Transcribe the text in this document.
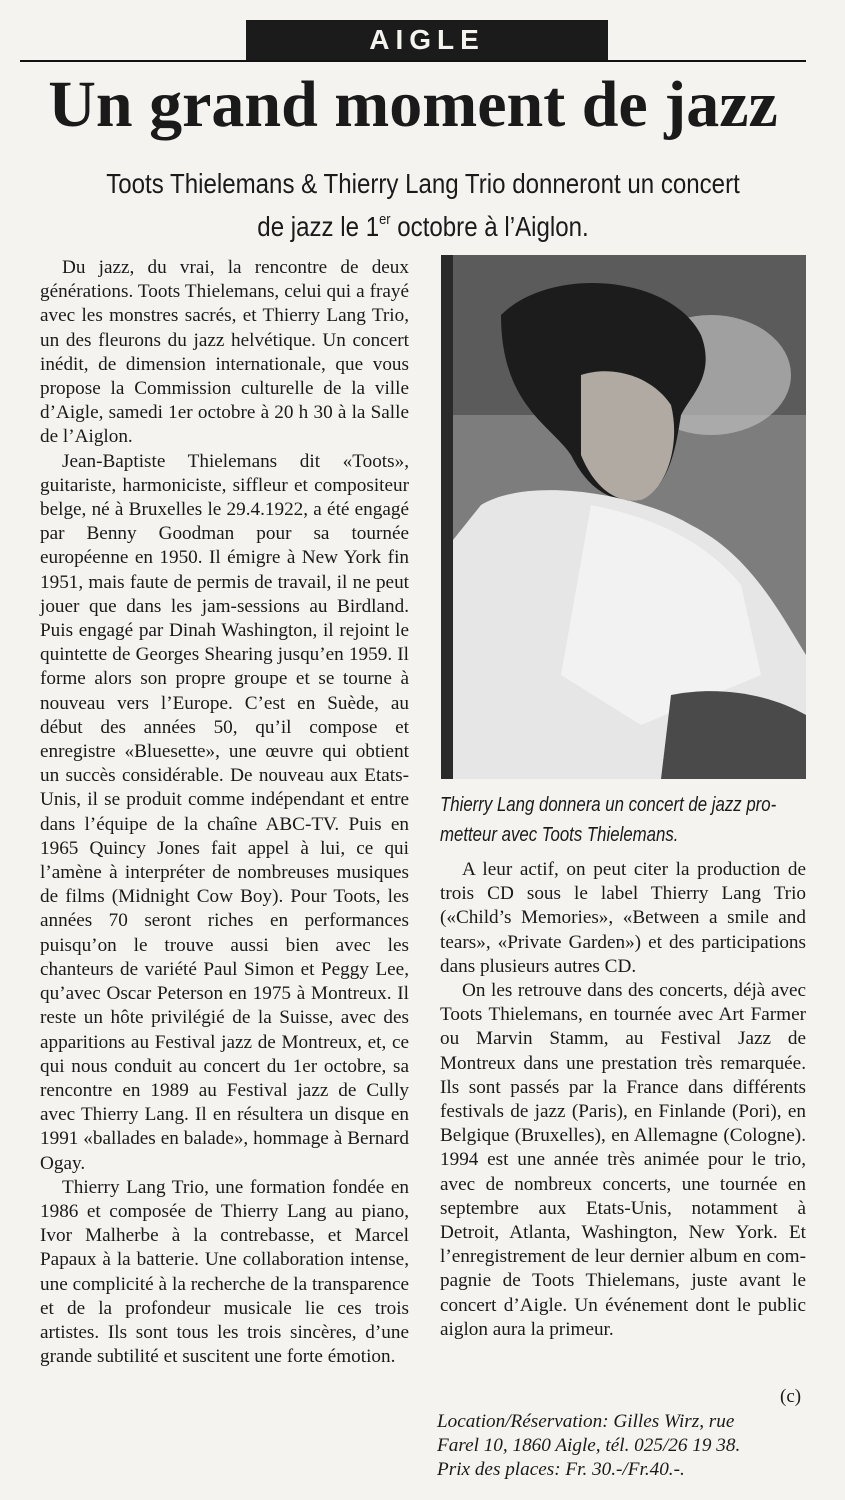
AIGLE
Un grand moment de jazz
Toots Thielemans & Thierry Lang Trio donneront un concert
de jazz le 1er octobre à l’Aiglon.

Du jazz, du vrai, la rencontre de deux générations. Toots Thielemans, celui qui a frayé avec les monstres sacrés, et Thierry Lang Trio, un des fleurons du jazz helvétique. Un concert inédit, de dimension internationale, que vous propose la Commission culturelle de la ville d’Aigle, samedi 1er octobre à 20 h 30 à la Salle de l’Aiglon.

Jean-Baptiste Thielemans dit «Toots», guitariste, harmoniciste, siffleur et compositeur belge, né à Bruxelles le 29.4.1922, a été engagé par Benny Goodman pour sa tournée européenne en 1950. Il émigre à New York fin 1951, mais faute de permis de travail, il ne peut jouer que dans les jam-sessions au Birdland. Puis engagé par Dinah Washington, il rejoint le quintette de Georges Shearing jusqu’en 1959. Il forme alors son propre groupe et se tourne à nouveau vers l’Europe. C’est en Suède, au début des années 50, qu’il compose et enregistre «Bluesette», une œuvre qui obtient un succès considérable. De nouveau aux Etats-Unis, il se produit comme indépendant et entre dans l’équipe de la chaîne ABC-TV. Puis en 1965 Quincy Jones fait appel à lui, ce qui l’amène à interpréter de nombreuses musiques de films (Midnight Cow Boy). Pour Toots, les années 70 seront riches en performances puisqu’on le trouve aussi bien avec les chanteurs de variété Paul Simon et Peggy Lee, qu’avec Oscar Peterson en 1975 à Montreux. Il reste un hôte privilégié de la Suisse, avec des apparitions au Festival jazz de Montreux, et, ce qui nous conduit au concert du 1er octobre, sa rencontre en 1989 au Festival jazz de Cully avec Thierry Lang. Il en résultera un disque en 1991 «ballades en balade», hommage à Bernard Ogay.

Thierry Lang Trio, une formation fondée en 1986 et composée de Thierry Lang au piano, Ivor Malherbe à la contrebasse, et Marcel Papaux à la batterie. Une collaboration intense, une complicité à la recherche de la transparence et de la profondeur musicale lie ces trois artistes. Ils sont tous les trois sincères, d’une grande subtilité et suscitent une forte émotion.

Thierry Lang donnera un concert de jazz pro-
metteur avec Toots Thielemans.

A leur actif, on peut citer la production de trois CD sous le label Thierry Lang Trio («Child’s Memories», «Between a smile and tears», «Private Garden») et des participations dans plusieurs autres CD.

On les retrouve dans des concerts, déjà avec Toots Thielemans, en tournée avec Art Farmer ou Marvin Stamm, au Festival Jazz de Montreux dans une prestation très remarquée. Ils sont passés par la France dans différents festivals de jazz (Paris), en Finlande (Pori), en Belgique (Bruxelles), en Allemagne (Cologne). 1994 est une année très animée pour le trio, avec de nombreux concerts, une tournée en septembre aux Etats-Unis, notamment à Detroit, Atlanta, Washington, New York. Et l’enregistrement de leur dernier album en compagnie de Toots Thielemans, juste avant le concert d’Aigle. Un événement dont le public aiglon aura la primeur.

(c)
Location/Réservation: Gilles Wirz, rue
Farel 10, 1860 Aigle, tél. 025/26 19 38.
Prix des places: Fr. 30.-/Fr.40.-.
